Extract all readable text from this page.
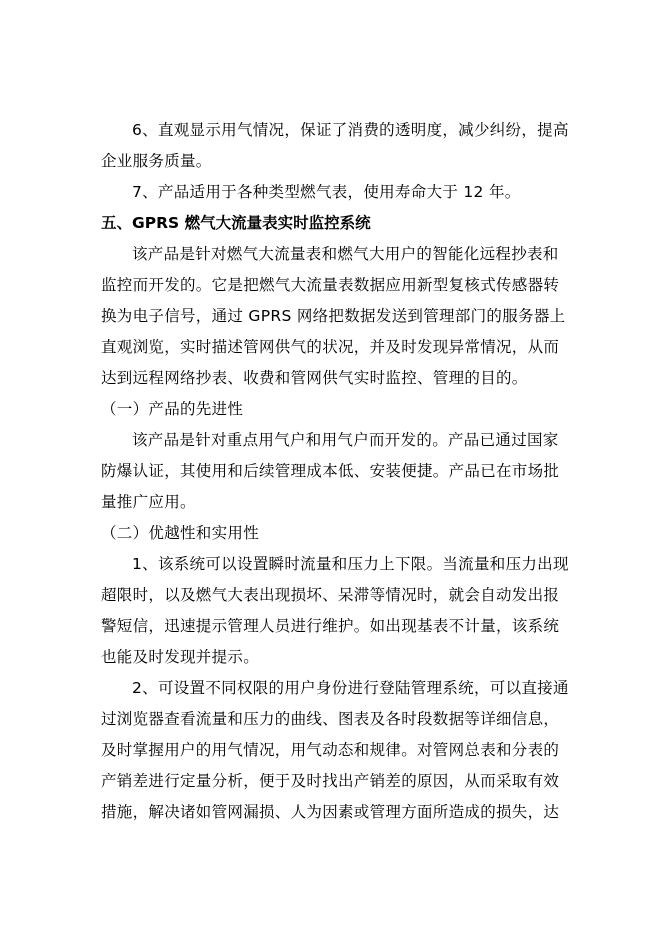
6、直观显示用气情况，保证了消费的透明度，减少纠纷，提高
企业服务质量。
7、产品适用于各种类型燃气表，使用寿命大于 12 年。
五、GPRS 燃气大流量表实时监控系统
该产品是针对燃气大流量表和燃气大用户的智能化远程抄表和
监控而开发的。它是把燃气大流量表数据应用新型复核式传感器转
换为电子信号，通过 GPRS 网络把数据发送到管理部门的服务器上
直观浏览，实时描述管网供气的状况，并及时发现异常情况，从而
达到远程网络抄表、收费和管网供气实时监控、管理的目的。
（一）产品的先进性
该产品是针对重点用气户和用气户而开发的。产品已通过国家
防爆认证，其使用和后续管理成本低、安装便捷。产品已在市场批
量推广应用。
（二）优越性和实用性
1、该系统可以设置瞬时流量和压力上下限。当流量和压力出现
超限时，以及燃气大表出现损坏、呆滞等情况时，就会自动发出报
警短信，迅速提示管理人员进行维护。如出现基表不计量，该系统
也能及时发现并提示。
2、可设置不同权限的用户身份进行登陆管理系统，可以直接通
过浏览器查看流量和压力的曲线、图表及各时段数据等详细信息，
及时掌握用户的用气情况，用气动态和规律。对管网总表和分表的
产销差进行定量分析，便于及时找出产销差的原因，从而采取有效
措施，解决诸如管网漏损、人为因素或管理方面所造成的损失，达
